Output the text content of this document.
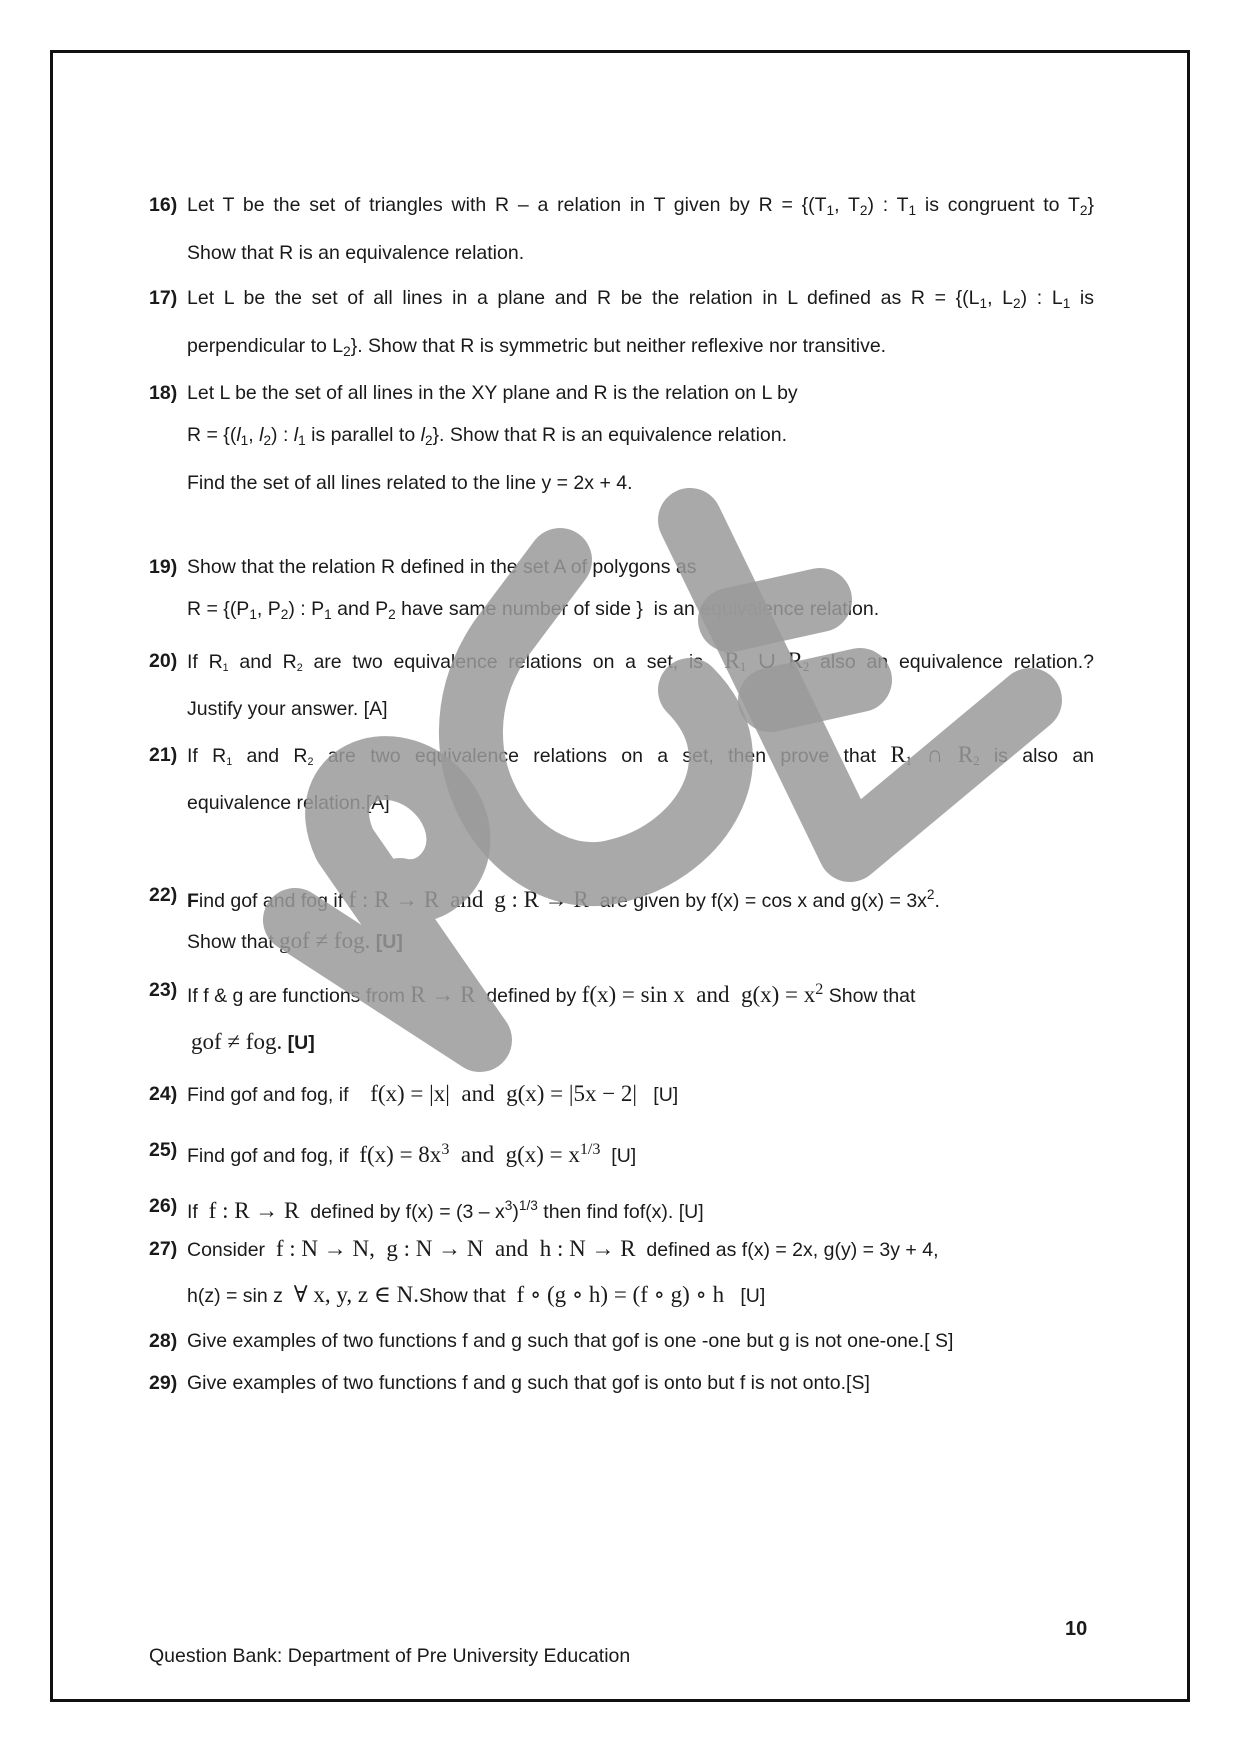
16) Let T be the set of triangles with R – a relation in T given by $R = \{(T_1$, $T_2$) : $T_1$ is congruent to $T_2$}
Show that R is an equivalence relation.
17) Let L be the set of all lines in a plane and R be the relation in L defined as $R = \{(L_1$, $L_2$) : $L_1$ is
perpendicular to $L_2$}. Show that R is symmetric but neither reflexive nor transitive.
18) Let L be the set of all lines in the XY plane and R is the relation on L by
$R = \{(l_1$, $l_2$) : $l_1$ is parallel to $l_2$}. Show that R is an equivalence relation.
Find the set of all lines related to the line y = 2x + 4.
19) Show that the relation R defined in the set A of polygons as
$R = \{(P_1$, $P_2$) : $P_1$ and $P_2$ have same number of side }  is an equivalence relation.
20) If R1 and R2 are two equivalence relations on a set, is  R1 ∪ R2 also an equivalence relation.?
Justify your answer. [A]
21) If R1 and R2 are two equivalence relations on a set, then prove that R1 ∩ R2 is also an
equivalence relation.[A]
22) Find gof and fog if f : R → R and g : R → R  are given by f(x) = cos x and $g(x) = 3x^2$.
Show that gof ≠ fog. [U]
23) If f & g are functions from R → R  defined by f(x) = sin x  and  $g(x) = x^2$ Show that
gof ≠ fog. [U]
24) Find gof and fog, if    f(x) = |x|  and  g(x) = |5x − 2|   [U]
25) Find gof and fog, if  $f(x) = 8x^3$  and  $g(x) = x^{1/3}$  [U]
26) If  f : R → R  defined by $f(x) = (3 - x^3)^{1/3}$ then find fof(x). [U]
27) Consider  f : N → N,  g : N → N  and  h : N → R  defined as f(x) = 2x, g(y) = 3y + 4,
h(z) = sin z  ∀ x, y, z ∈ N.Show that  f ∘ (g ∘ h) = (f ∘ g) ∘ h   [U]
28) Give examples of two functions f and g such that gof is one -one but g is not one-one.[ S]
29) Give examples of two functions f and g such that gof is onto but f is not onto.[S]
10
Question Bank: Department of Pre University Education
